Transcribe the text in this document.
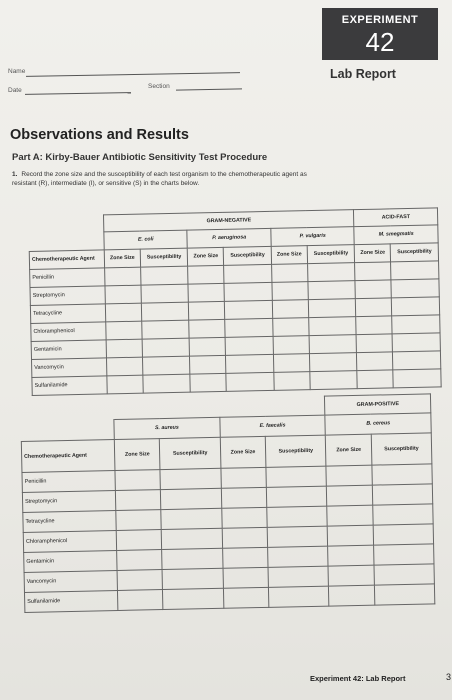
EXPERIMENT
42
Lab Report
Name
Date
Section
Observations and Results
Part A: Kirby-Bauer Antibiotic Sensitivity Test Procedure
1. Record the zone size and the susceptibility of each test organism to the chemotherapeutic agent as resistant (R), intermediate (I), or sensitive (S) in the charts below.
	GRAM-NEGATIVE						ACID-FAST	
	E. coli		P. aeruginosa		P. vulgaris		M. smegmatis	
Chemotherapeutic Agent	Zone Size	Susceptibility	Zone Size	Susceptibility	Zone Size	Susceptibility	Zone Size	Susceptibility
Penicillin								
Streptomycin								
Tetracycline								
Chloramphenicol								
Gentamicin								
Vancomycin								
Sulfanilamide								
					GRAM-POSITIVE		
	S. aureus		E. faecalis		B. cereus		
Chemotherapeutic Agent	Zone Size	Susceptibility	Zone Size	Susceptibility	Zone Size	Susceptibility	
Penicillin							
Streptomycin							
Tetracycline							
Chloramphenicol							
Gentamicin							
Vancomycin							
Sulfanilamide							
Experiment 42: Lab Report	3
